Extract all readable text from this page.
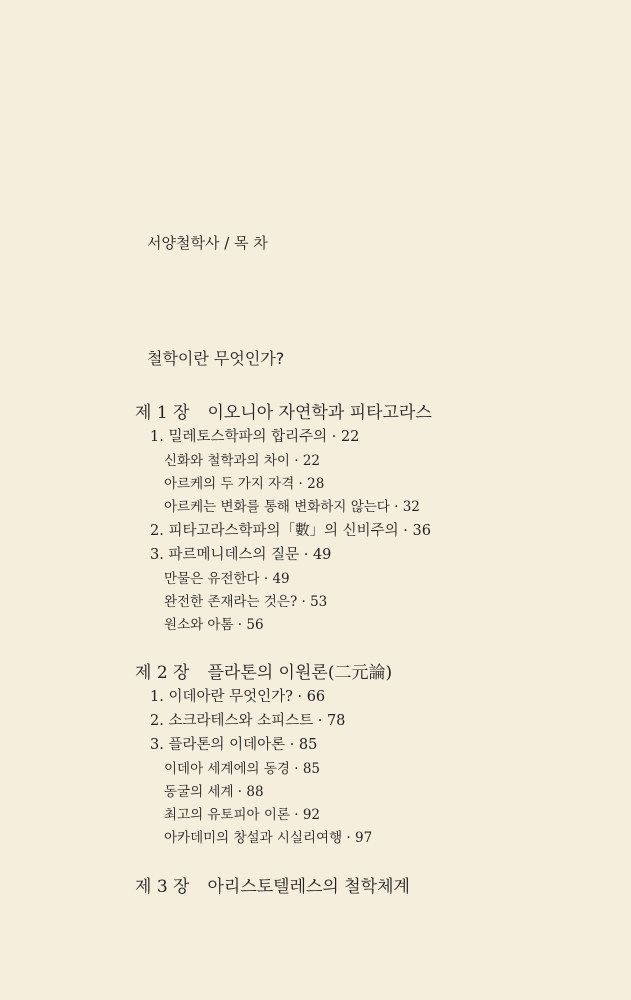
서양철학사 / 목 차
철학이란 무엇인가?
제 1 장 이오니아 자연학과 피타고라스
1. 밀레토스학파의 합리주의 · 22
신화와 철학과의 차이 · 22
아르케의 두 가지 자격 · 28
아르케는 변화를 통해 변화하지 않는다 · 32
2. 피타고라스학파의「數」의 신비주의 · 36
3. 파르메니데스의 질문 · 49
만물은 유전한다 · 49
완전한 존재라는 것은? · 53
원소와 아톰 · 56
제 2 장 플라톤의 이원론(二元論)
1. 이데아란 무엇인가? · 66
2. 소크라테스와 소피스트 · 78
3. 플라톤의 이데아론 · 85
이데아 세계에의 동경 · 85
동굴의 세계 · 88
최고의 유토피아 이론 · 92
아카데미의 창설과 시실리여행 · 97
제 3 장 아리스토텔레스의 철학체계
